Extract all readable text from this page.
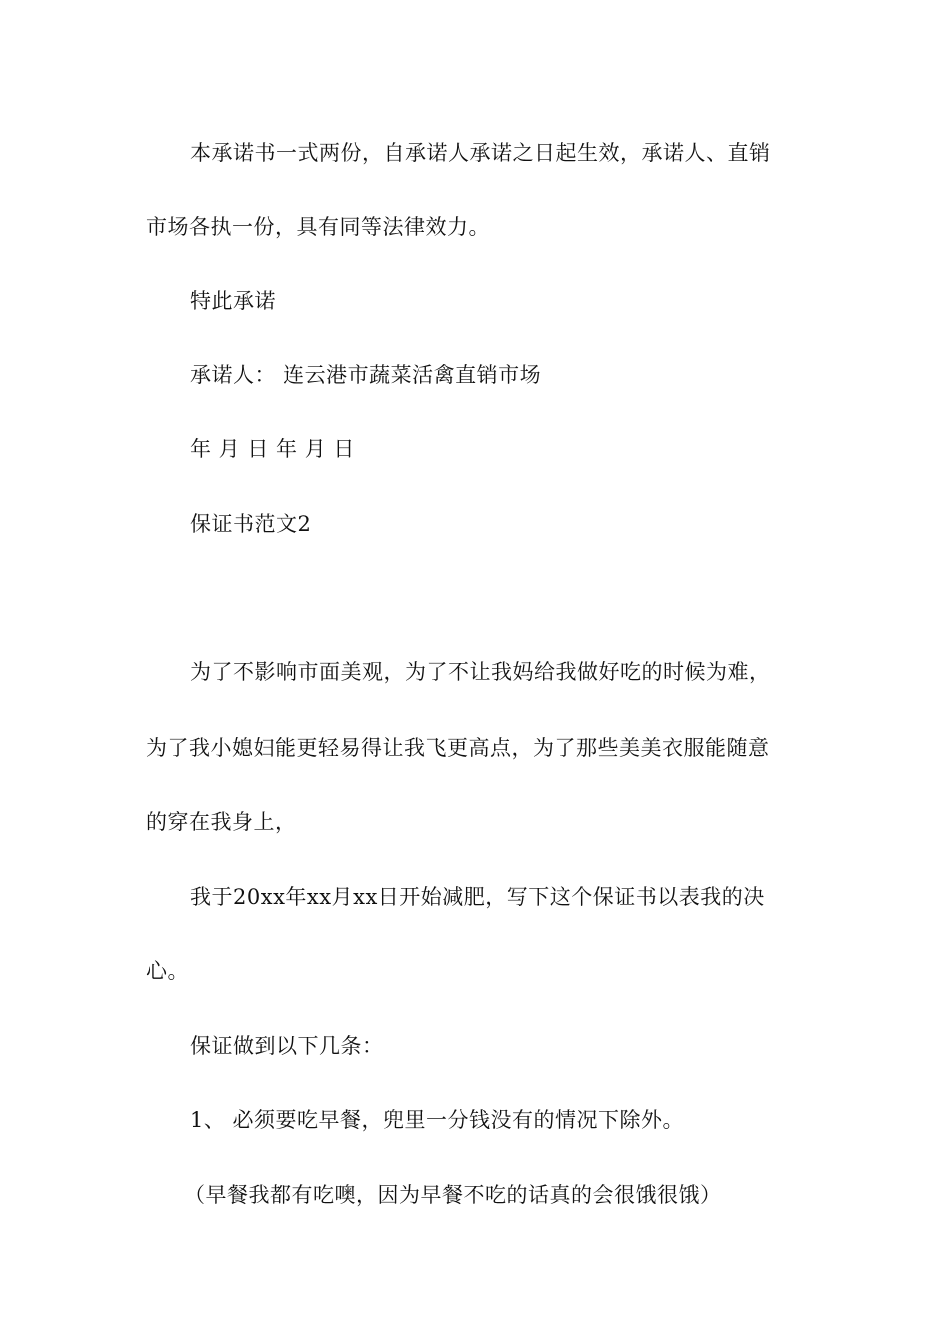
本承诺书一式两份，自承诺人承诺之日起生效，承诺人、直销
市场各执一份，具有同等法律效力。
特此承诺
承诺人： 连云港市蔬菜活禽直销市场
年 月 日 年 月 日
保证书范文2
为了不影响市面美观，为了不让我妈给我做好吃的时候为难，
为了我小媳妇能更轻易得让我飞更高点，为了那些美美衣服能随意
的穿在我身上，
我于20xx年xx月xx日开始减肥，写下这个保证书以表我的决
心。
保证做到以下几条：
1、 必须要吃早餐，兜里一分钱没有的情况下除外。
（早餐我都有吃噢，因为早餐不吃的话真的会很饿很饿）
